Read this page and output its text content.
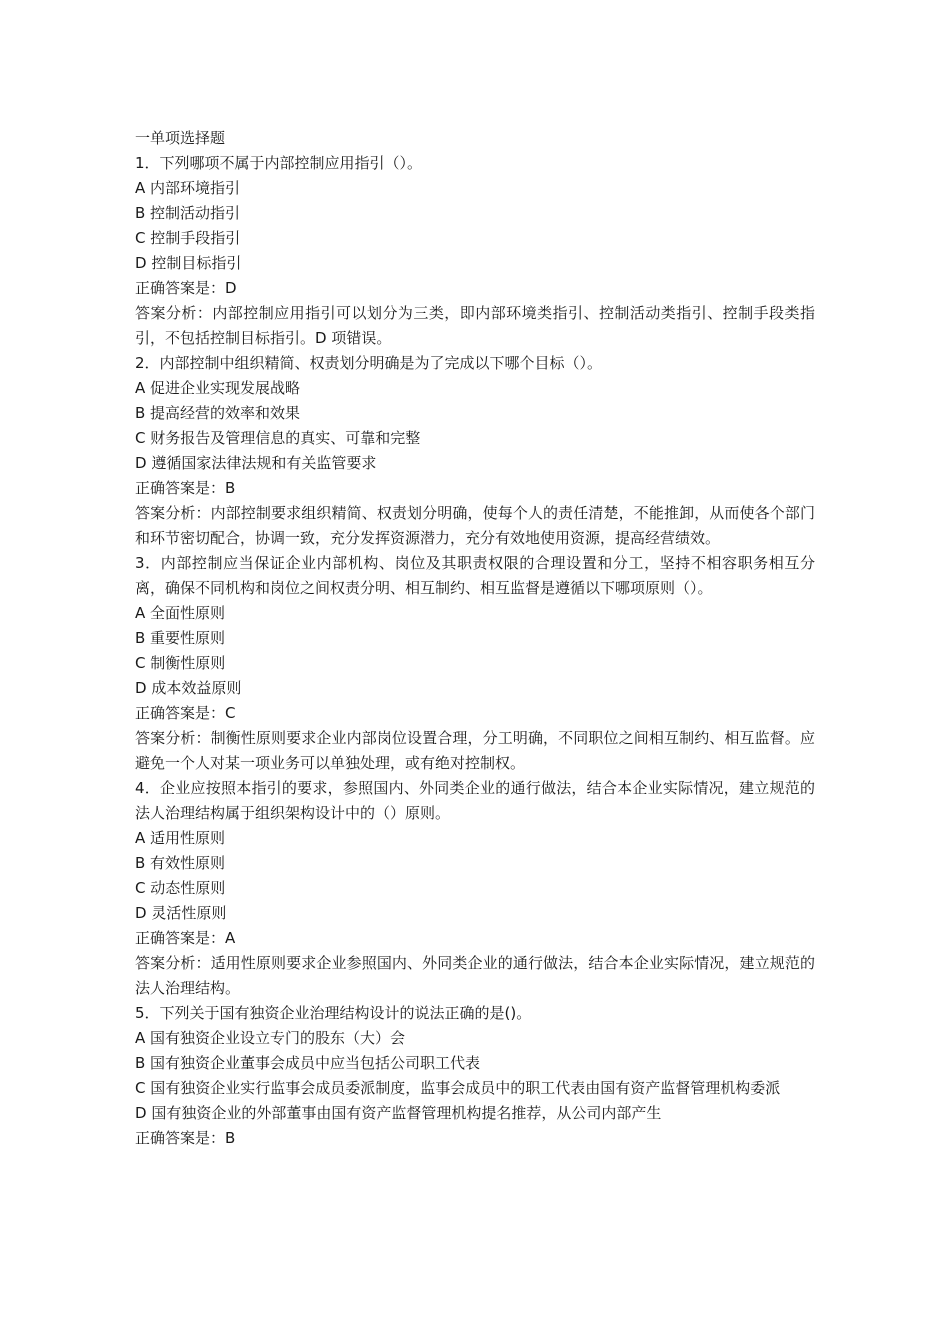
一单项选择题

1．下列哪项不属于内部控制应用指引（）。

A 内部环境指引

B 控制活动指引

C 控制手段指引

D 控制目标指引

正确答案是：D

答案分析：内部控制应用指引可以划分为三类，即内部环境类指引、控制活动类指引、控制手段类指引，不包括控制目标指引。D 项错误。

2．内部控制中组织精简、权责划分明确是为了完成以下哪个目标（）。

A 促进企业实现发展战略

B 提高经营的效率和效果

C 财务报告及管理信息的真实、可靠和完整

D 遵循国家法律法规和有关监管要求

正确答案是：B

答案分析：内部控制要求组织精简、权责划分明确，使每个人的责任清楚，不能推卸，从而使各个部门和环节密切配合，协调一致，充分发挥资源潜力，充分有效地使用资源，提高经营绩效。

3．内部控制应当保证企业内部机构、岗位及其职责权限的合理设置和分工，坚持不相容职务相互分离，确保不同机构和岗位之间权责分明、相互制约、相互监督是遵循以下哪项原则（）。

A 全面性原则

B 重要性原则

C 制衡性原则

D 成本效益原则

正确答案是：C

答案分析：制衡性原则要求企业内部岗位设置合理，分工明确，不同职位之间相互制约、相互监督。应避免一个人对某一项业务可以单独处理，或有绝对控制权。

4．企业应按照本指引的要求，参照国内、外同类企业的通行做法，结合本企业实际情况，建立规范的法人治理结构属于组织架构设计中的（）原则。

A 适用性原则

B 有效性原则

C 动态性原则

D 灵活性原则

正确答案是：A

答案分析：适用性原则要求企业参照国内、外同类企业的通行做法，结合本企业实际情况，建立规范的法人治理结构。

5．下列关于国有独资企业治理结构设计的说法正确的是()。

A 国有独资企业设立专门的股东（大）会

B 国有独资企业董事会成员中应当包括公司职工代表

C 国有独资企业实行监事会成员委派制度，监事会成员中的职工代表由国有资产监督管理机构委派

D 国有独资企业的外部董事由国有资产监督管理机构提名推荐，从公司内部产生

正确答案是：B
